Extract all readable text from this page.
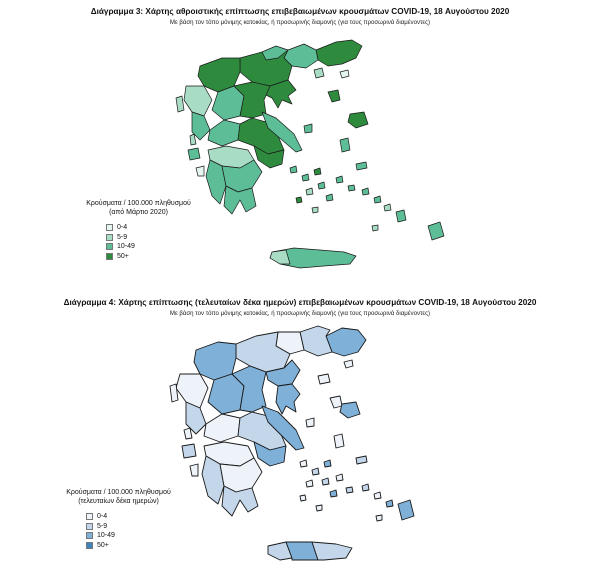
Διάγραμμα 3: Χάρτης αθροιστικής επίπτωσης επιβεβαιωμένων κρουσμάτων COVID-19, 18 Αυγούστου 2020
Με βάση τον τόπο μόνιμης κατοικίας, ή προσωρινής διαμονής (για τους προσωρινά διαμένοντες)
Κρούσματα / 100.000 πληθυσμού
(από Μάρτιο 2020)
0-4
5-9
10-49
50+
Διάγραμμα 4: Χάρτης επίπτωσης (τελευταίων δέκα ημερών) επιβεβαιωμένων κρουσμάτων COVID-19, 18 Αυγούστου 2020
Με βάση τον τόπο μόνιμης κατοικίας, ή προσωρινής διαμονής (για τους προσωρινά διαμένοντες)
Κρούσματα / 100.000 πληθυσμού
(τελευταίων δέκα ημερών)
0-4
5-9
10-49
50+
